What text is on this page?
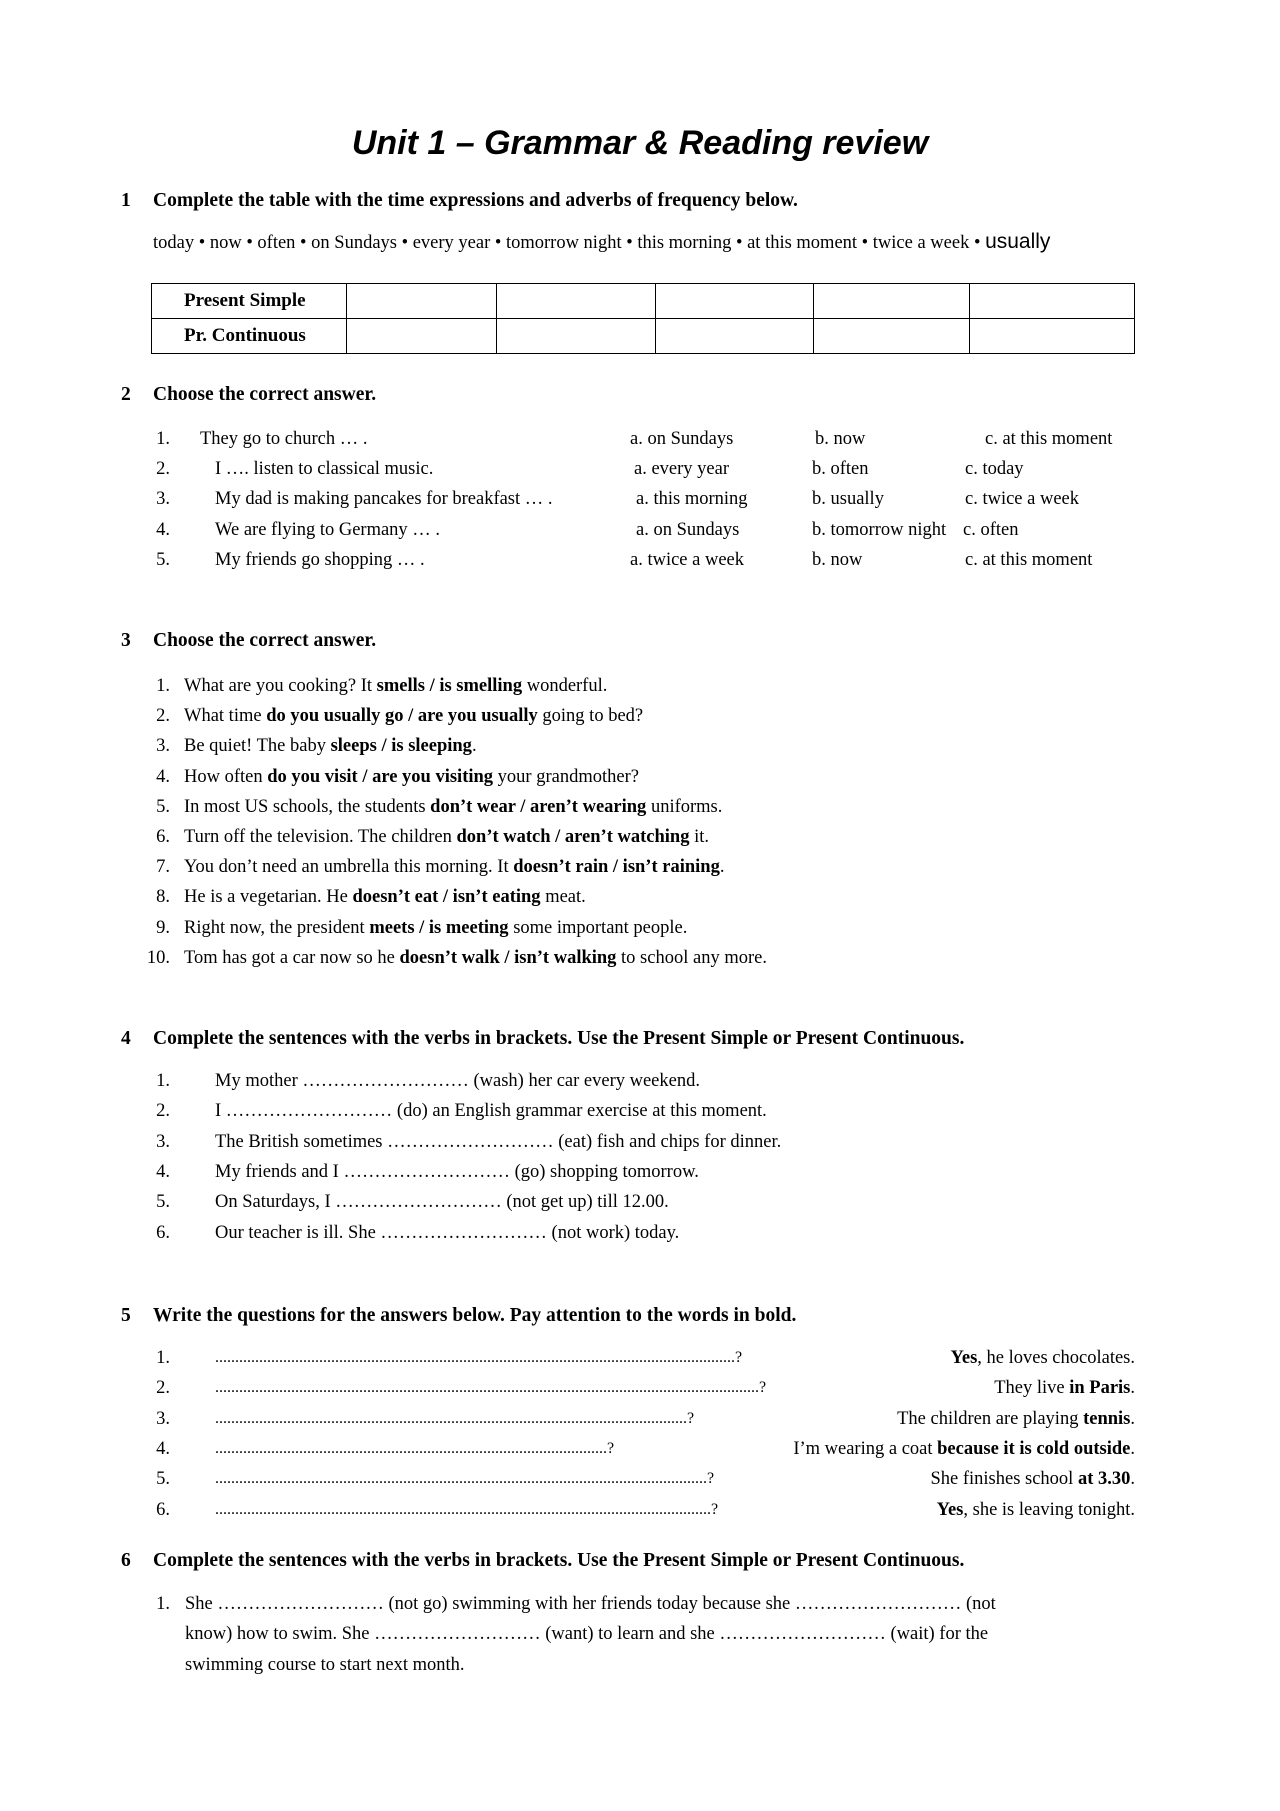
Unit 1 – Grammar & Reading review
1 Complete the table with the time expressions and adverbs of frequency below.
today • now • often • on Sundays • every year • tomorrow night • this morning • at this moment • twice a week • usually
Present Simple					
Pr. Continuous					
2 Choose the correct answer.
1. They go to church … .	a. on Sundays	b. now	c. at this moment
2. I …. listen to classical music.	a. every year	b. often	c. today
3. My dad is making pancakes for breakfast … .	a. this morning	b. usually	c. twice a week
4. We are flying to Germany … .	a. on Sundays	b. tomorrow night c. often
5. My friends go shopping … .	a. twice a week	b. now	c. at this moment
3 Choose the correct answer.
1. What are you cooking? It smells / is smelling wonderful.
2. What time do you usually go / are you usually going to bed?
3. Be quiet! The baby sleeps / is sleeping.
4. How often do you visit / are you visiting your grandmother?
5. In most US schools, the students don’t wear / aren’t wearing uniforms.
6. Turn off the television. The children don’t watch / aren’t watching it.
7. You don’t need an umbrella this morning. It doesn’t rain / isn’t raining.
8. He is a vegetarian. He doesn’t eat / isn’t eating meat.
9. Right now, the president meets / is meeting some important people.
10. Tom has got a car now so he doesn’t walk / isn’t walking to school any more.
4 Complete the sentences with the verbs in brackets. Use the Present Simple or Present Continuous.
1. My mother ……………………… (wash) her car every weekend.
2. I ……………………… (do) an English grammar exercise at this moment.
3. The British sometimes ……………………… (eat) fish and chips for dinner.
4. My friends and I ……………………… (go) shopping tomorrow.
5. On Saturdays, I ……………………… (not get up) till 12.00.
6. Our teacher is ill. She ……………………… (not work) today.
5 Write the questions for the answers below. Pay attention to the words in bold.
1.	..................................................................................................................................?	Yes, he loves chocolates.
2.	........................................................................................................................................?	They live in Paris.
3.	......................................................................................................................?	The children are playing tennis.
4.	..................................................................................................?	I’m wearing a coat because it is cold outside.
5.	...........................................................................................................................?	She finishes school at 3.30.
6.	............................................................................................................................?	Yes, she is leaving tonight.
6 Complete the sentences with the verbs in brackets. Use the Present Simple or Present Continuous.
1. She ……………………… (not go) swimming with her friends today because she ……………………… (not
know) how to swim. She ……………………… (want) to learn and she ……………………… (wait) for the
swimming course to start next month.
